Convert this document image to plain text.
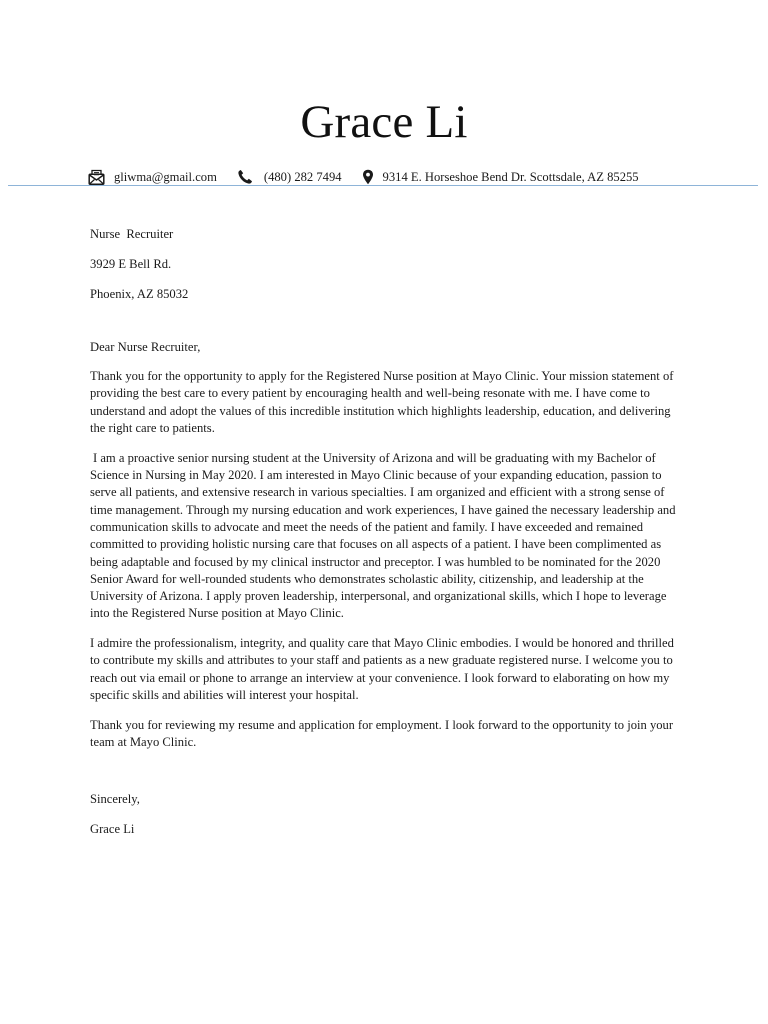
Grace Li
gliwma@gmail.com	(480) 282 7494	9314 E. Horseshoe Bend Dr. Scottsdale, AZ 85255

Nurse  Recruiter

3929 E Bell Rd.

Phoenix, AZ 85032

Dear Nurse Recruiter,

Thank you for the opportunity to apply for the Registered Nurse position at Mayo Clinic. Your mission statement of providing the best care to every patient by encouraging health and well-being resonate with me. I have come to understand and adopt the values of this incredible institution which highlights leadership, education, and delivering the right care to patients.

I am a proactive senior nursing student at the University of Arizona and will be graduating with my Bachelor of Science in Nursing in May 2020. I am interested in Mayo Clinic because of your expanding education, passion to serve all patients, and extensive research in various specialties. I am organized and efficient with a strong sense of time management. Through my nursing education and work experiences, I have gained the necessary leadership and communication skills to advocate and meet the needs of the patient and family. I have exceeded and remained committed to providing holistic nursing care that focuses on all aspects of a patient. I have been complimented as being adaptable and focused by my clinical instructor and preceptor. I was humbled to be nominated for the 2020 Senior Award for well-rounded students who demonstrates scholastic ability, citizenship, and leadership at the University of Arizona. I apply proven leadership, interpersonal, and organizational skills, which I hope to leverage into the Registered Nurse position at Mayo Clinic.

I admire the professionalism, integrity, and quality care that Mayo Clinic embodies. I would be honored and thrilled to contribute my skills and attributes to your staff and patients as a new graduate registered nurse. I welcome you to reach out via email or phone to arrange an interview at your convenience. I look forward to elaborating on how my specific skills and abilities will interest your hospital.

Thank you for reviewing my resume and application for employment. I look forward to the opportunity to join your team at Mayo Clinic.

Sincerely,

Grace Li
